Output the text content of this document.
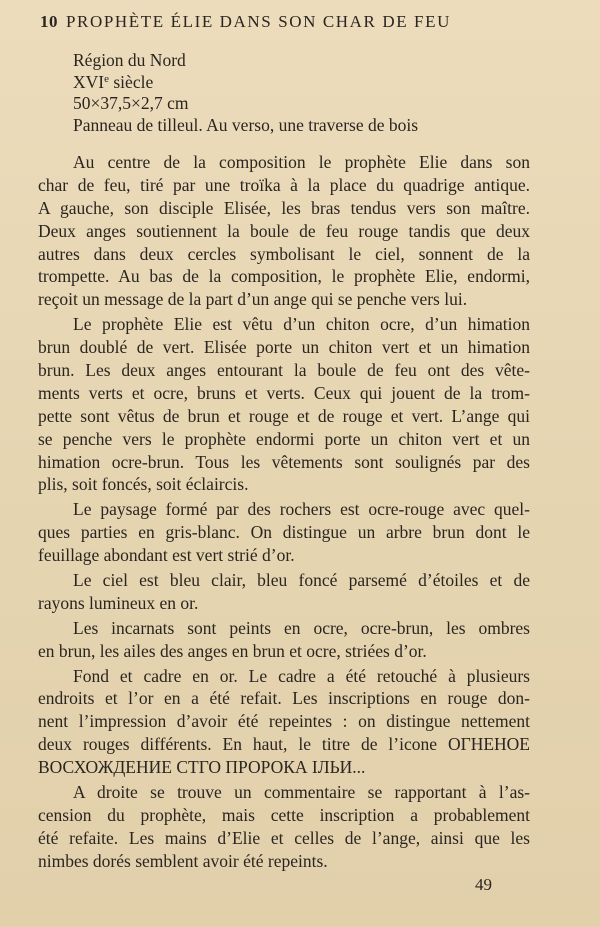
10 PROPHÈTE ÉLIE DANS SON CHAR DE FEU
Région du Nord
XVIe siècle
50×37,5×2,7 cm
Panneau de tilleul. Au verso, une traverse de bois
Au centre de la composition le prophète Elie dans son
char de feu, tiré par une troïka à la place du quadrige antique.
A gauche, son disciple Elisée, les bras tendus vers son maître.
Deux anges soutiennent la boule de feu rouge tandis que deux
autres dans deux cercles symbolisant le ciel, sonnent de la
trompette. Au bas de la composition, le prophète Elie, endormi,
reçoit un message de la part d’un ange qui se penche vers lui.
Le prophète Elie est vêtu d’un chiton ocre, d’un himation
brun doublé de vert. Elisée porte un chiton vert et un himation
brun. Les deux anges entourant la boule de feu ont des vête-
ments verts et ocre, bruns et verts. Ceux qui jouent de la trom-
pette sont vêtus de brun et rouge et de rouge et vert. L’ange qui
se penche vers le prophète endormi porte un chiton vert et un
himation ocre-brun. Tous les vêtements sont soulignés par des
plis, soit foncés, soit éclaircis.
Le paysage formé par des rochers est ocre-rouge avec quel-
ques parties en gris-blanc. On distingue un arbre brun dont le
feuillage abondant est vert strié d’or.
Le ciel est bleu clair, bleu foncé parsemé d’étoiles et de
rayons lumineux en or.
Les incarnats sont peints en ocre, ocre-brun, les ombres
en brun, les ailes des anges en brun et ocre, striées d’or.
Fond et cadre en or. Le cadre a été retouché à plusieurs
endroits et l’or en a été refait. Les inscriptions en rouge don-
nent l’impression d’avoir été repeintes : on distingue nettement
deux rouges différents. En haut, le titre de l’icone ОГНЕНОЕ
ВОСХОЖДЕНИЕ СТГО ПРОРОКА ІЛЬИ...
A droite se trouve un commentaire se rapportant à l’as-
cension du prophète, mais cette inscription a probablement
été refaite. Les mains d’Elie et celles de l’ange, ainsi que les
nimbes dorés semblent avoir été repeints.
49
